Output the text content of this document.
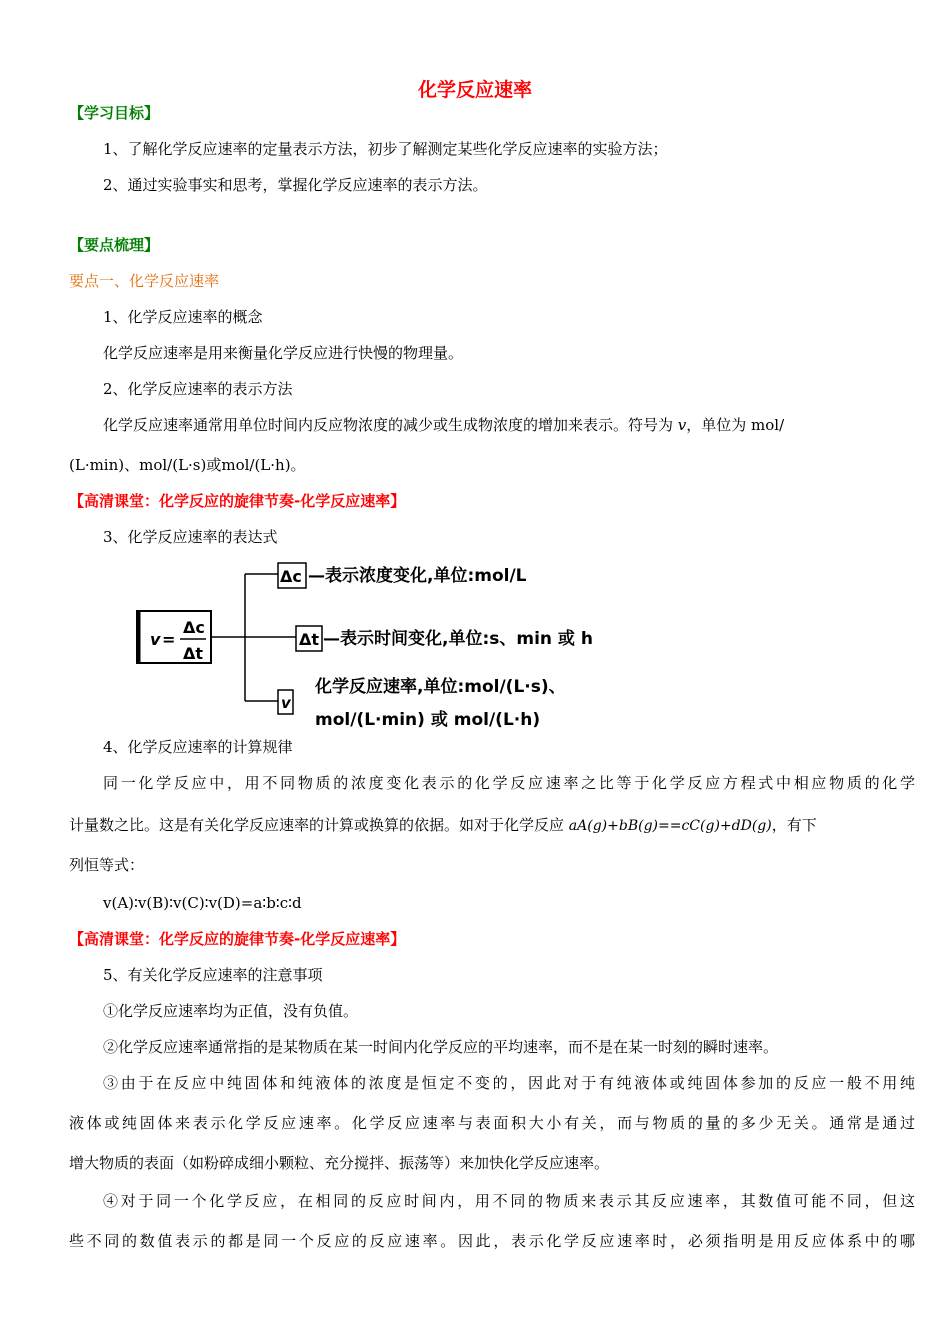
化学反应速率
【学习目标】
1、了解化学反应速率的定量表示方法，初步了解测定某些化学反应速率的实验方法；
2、通过实验事实和思考，掌握化学反应速率的表示方法。
【要点梳理】
要点一、化学反应速率
1、化学反应速率的概念
化学反应速率是用来衡量化学反应进行快慢的物理量。
2、化学反应速率的表示方法
化学反应速率通常用单位时间内反应物浓度的减少或生成物浓度的增加来表示。符号为 v，单位为 mol/
(L·min)、mol/(L·s)或mol/(L·h)。
【高清课堂：化学反应的旋律节奏-化学反应速率】
3、化学反应速率的表达式
v =
Δc
Δt
Δc —表示浓度变化,单位:mol/L
Δt —表示时间变化,单位:s、min 或 h
v
化学反应速率,单位:mol/(L·s)、
mol/(L·min) 或 mol/(L·h)
4、化学反应速率的计算规律
同一化学反应中，用不同物质的浓度变化表示的化学反应速率之比等于化学反应方程式中相应物质的化学
计量数之比。这是有关化学反应速率的计算或换算的依据。如对于化学反应 aA(g)+bB(g)==cC(g)+dD(g)，有下
列恒等式：
v(A)∶v(B)∶v(C)∶v(D)=a∶b∶c∶d
【高清课堂：化学反应的旋律节奏-化学反应速率】
5、有关化学反应速率的注意事项
①化学反应速率均为正值，没有负值。
②化学反应速率通常指的是某物质在某一时间内化学反应的平均速率，而不是在某一时刻的瞬时速率。
③由于在反应中纯固体和纯液体的浓度是恒定不变的，因此对于有纯液体或纯固体参加的反应一般不用纯
液体或纯固体来表示化学反应速率。化学反应速率与表面积大小有关，而与物质的量的多少无关。通常是通过
增大物质的表面（如粉碎成细小颗粒、充分搅拌、振荡等）来加快化学反应速率。
④对于同一个化学反应，在相同的反应时间内，用不同的物质来表示其反应速率，其数值可能不同，但这
些不同的数值表示的都是同一个反应的反应速率。因此，表示化学反应速率时，必须指明是用反应体系中的哪
